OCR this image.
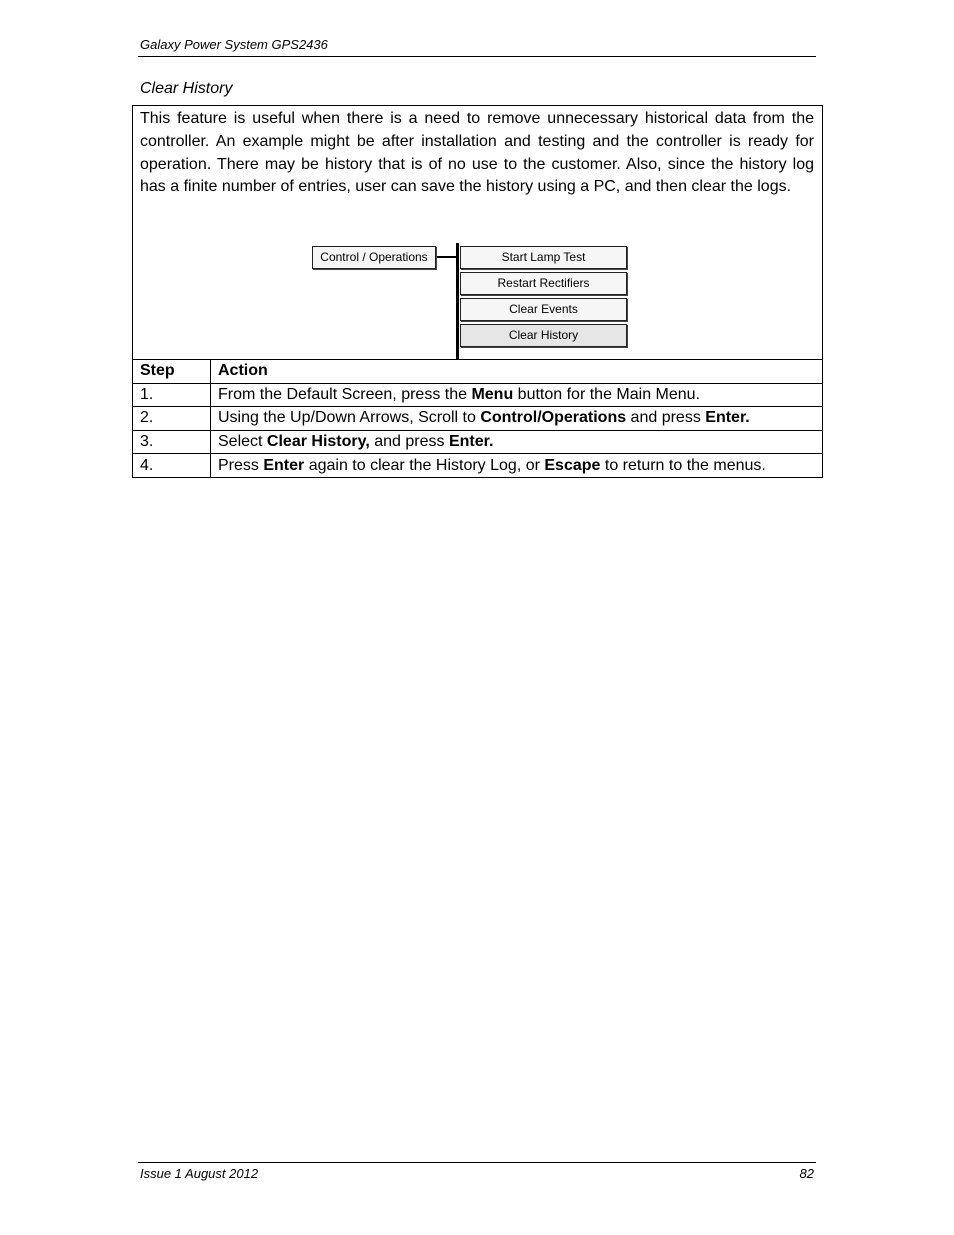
Galaxy Power System GPS2436
Clear History
This feature is useful when there is a need to remove unnecessary historical data from the controller. An example might be after installation and testing and the controller is ready for operation. There may be history that is of no use to the customer. Also, since the history log has a finite number of entries, user can save the history using a PC, and then clear the logs.
Control / Operations	Start Lamp Test
Restart Rectifiers
Clear Events
Clear History
Step	Action
1.	From the Default Screen, press the Menu button for the Main Menu.
2.	Using the Up/Down Arrows, Scroll to Control/Operations and press Enter.
3.	Select Clear History, and press Enter.
4.	Press Enter again to clear the History Log, or Escape to return to the menus.
Issue 1 August 2012	82
